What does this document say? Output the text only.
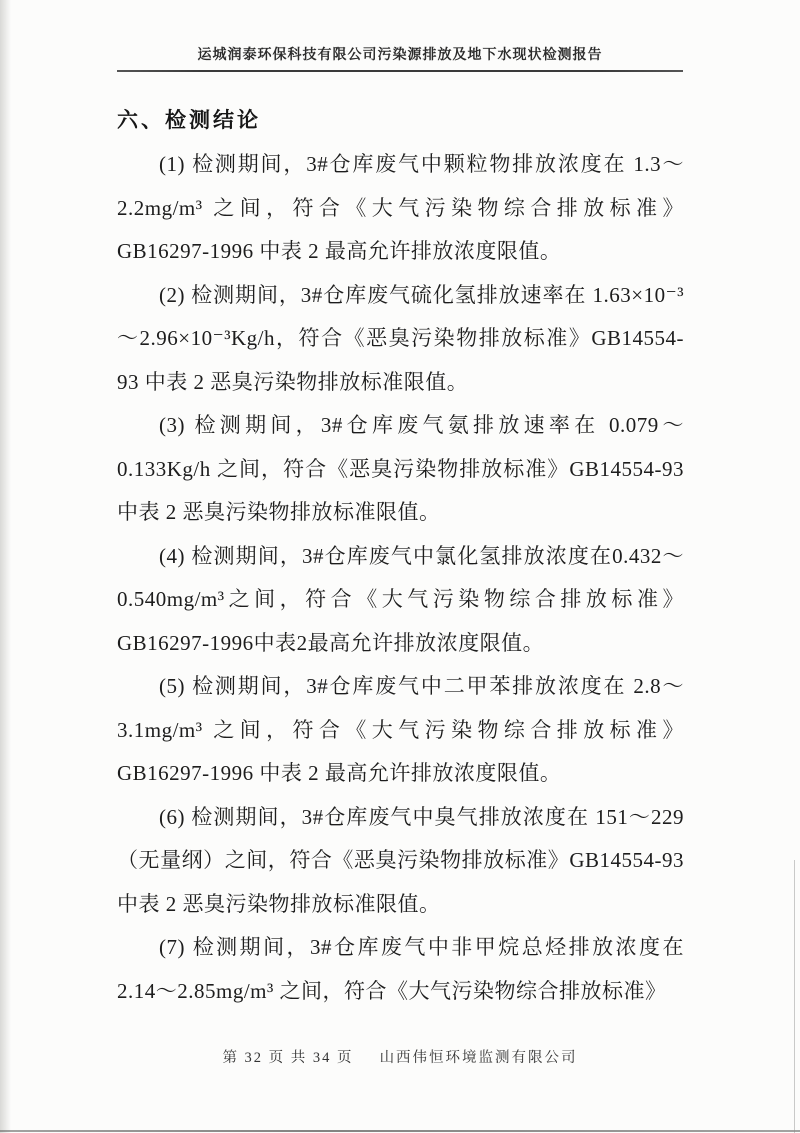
运城润泰环保科技有限公司污染源排放及地下水现状检测报告
六、检测结论

(1) 检测期间，3#仓库废气中颗粒物排放浓度在 1.3～2.2mg/m³ 之间，符合《大气污染物综合排放标准》GB16297-1996 中表 2 最高允许排放浓度限值。

(2) 检测期间，3#仓库废气硫化氢排放速率在 1.63×10⁻³～2.96×10⁻³Kg/h，符合《恶臭污染物排放标准》GB14554-93 中表 2 恶臭污染物排放标准限值。

(3) 检测期间，3#仓库废气氨排放速率在 0.079～0.133Kg/h 之间，符合《恶臭污染物排放标准》GB14554-93 中表 2 恶臭污染物排放标准限值。

(4) 检测期间，3#仓库废气中氯化氢排放浓度在0.432～0.540mg/m³之间，符合《大气污染物综合排放标准》GB16297-1996中表2最高允许排放浓度限值。

(5) 检测期间，3#仓库废气中二甲苯排放浓度在 2.8～3.1mg/m³ 之间，符合《大气污染物综合排放标准》GB16297-1996 中表 2 最高允许排放浓度限值。

(6) 检测期间，3#仓库废气中臭气排放浓度在 151～229（无量纲）之间，符合《恶臭污染物排放标准》GB14554-93 中表 2 恶臭污染物排放标准限值。

(7) 检测期间，3#仓库废气中非甲烷总烃排放浓度在 2.14～2.85mg/m³ 之间，符合《大气污染物综合排放标准》

第 32 页 共 34 页 山西伟恒环境监测有限公司
